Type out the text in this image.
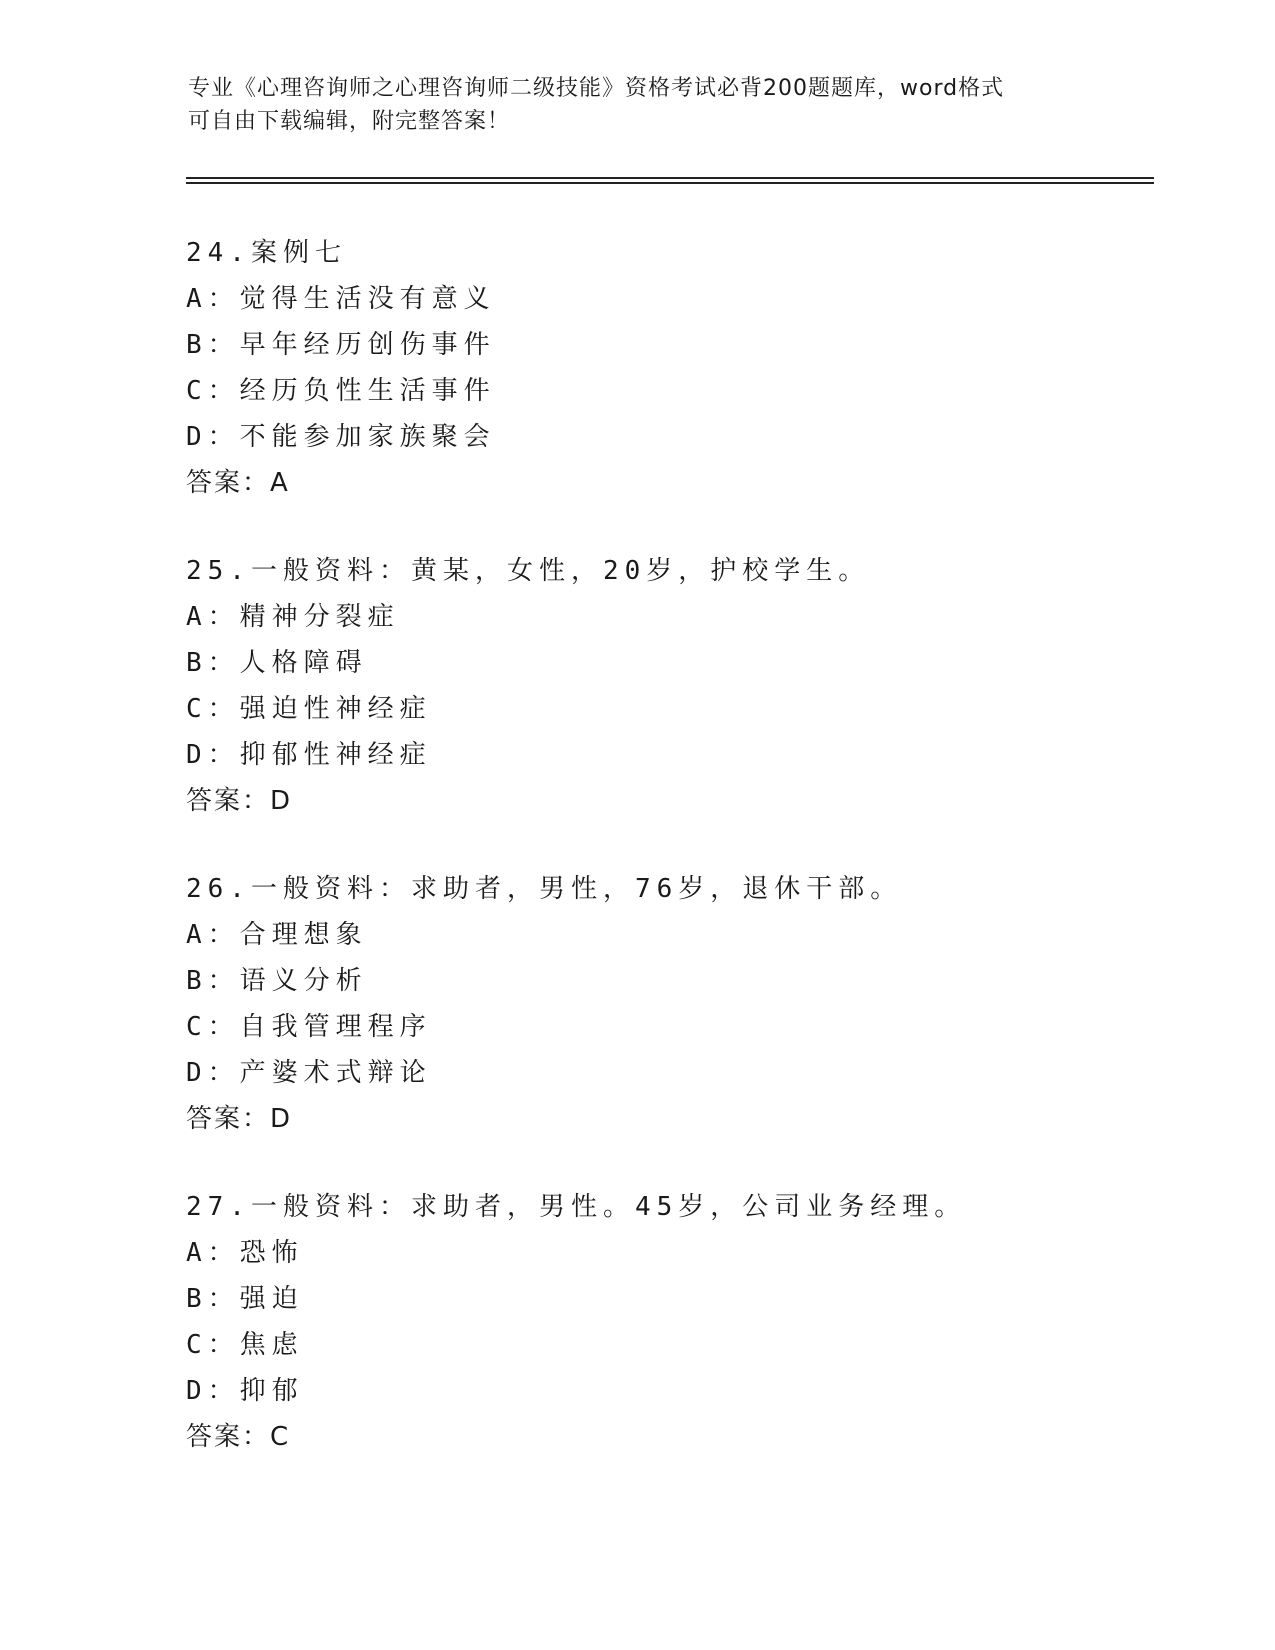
专业《心理咨询师之心理咨询师二级技能》资格考试必背200题题库，word格式
可自由下载编辑，附完整答案！
24.案例七
A：觉得生活没有意义
B：早年经历创伤事件
C：经历负性生活事件
D：不能参加家族聚会
答案：A
25.一般资料：黄某，女性，20岁，护校学生。
A：精神分裂症
B：人格障碍
C：强迫性神经症
D：抑郁性神经症
答案：D
26.一般资料：求助者，男性，76岁，退休干部。
A：合理想象
B：语义分析
C：自我管理程序
D：产婆术式辩论
答案：D
27.一般资料：求助者，男性。45岁，公司业务经理。
A：恐怖
B：强迫
C：焦虑
D：抑郁
答案：C
